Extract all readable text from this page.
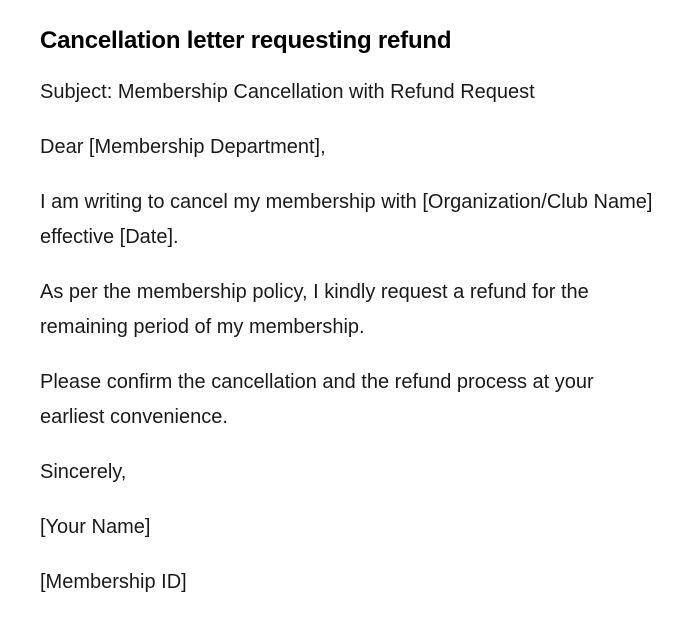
Cancellation letter requesting refund

Subject: Membership Cancellation with Refund Request

Dear [Membership Department],

I am writing to cancel my membership with [Organization/Club Name] effective [Date].

As per the membership policy, I kindly request a refund for the remaining period of my membership.

Please confirm the cancellation and the refund process at your earliest convenience.

Sincerely,

[Your Name]

[Membership ID]
